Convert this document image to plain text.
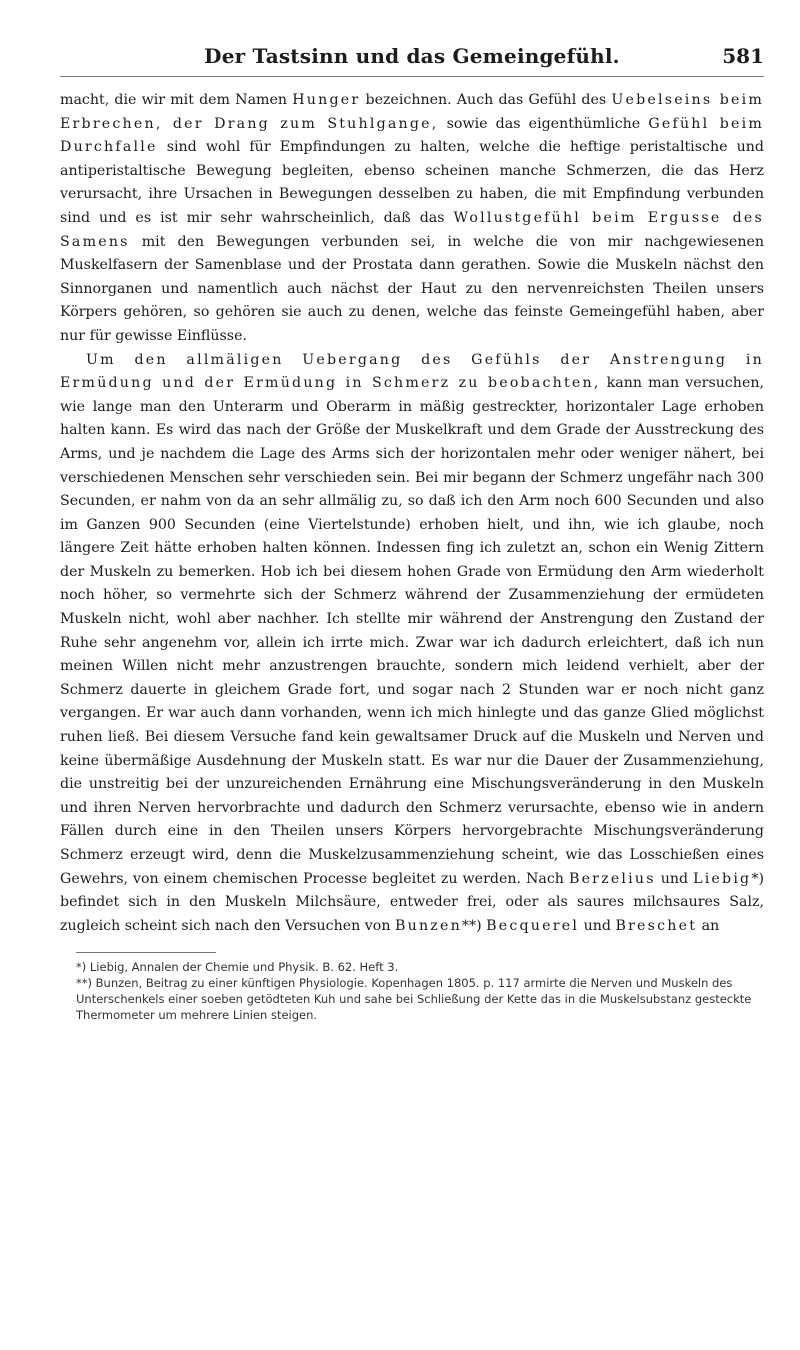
Der Tastsinn und das Gemeingefühl.	581

macht, die wir mit dem Namen Hunger bezeichnen. Auch das Gefühl des Uebelseins beim Erbrechen, der Drang zum Stuhlgange, sowie das eigenthümliche Gefühl beim Durchfalle sind wohl für Empfindungen zu halten, welche die heftige peristaltische und antiperistaltische Bewegung begleiten, ebenso scheinen manche Schmerzen, die das Herz verursacht, ihre Ursachen in Bewegungen desselben zu haben, die mit Empfindung verbunden sind und es ist mir sehr wahrscheinlich, daß das Wollustgefühl beim Ergusse des Samens mit den Bewegungen verbunden sei, in welche die von mir nachgewiesenen Muskelfasern der Samenblase und der Prostata dann gerathen. Sowie die Muskeln nächst den Sinnorganen und namentlich auch nächst der Haut zu den nervenreichsten Theilen unsers Körpers gehören, so gehören sie auch zu denen, welche das feinste Gemeingefühl haben, aber nur für gewisse Einflüsse.

Um den allmäligen Uebergang des Gefühls der Anstrengung in Ermüdung und der Ermüdung in Schmerz zu beobachten, kann man versuchen, wie lange man den Unterarm und Oberarm in mäßig gestreckter, horizontaler Lage erhoben halten kann. Es wird das nach der Größe der Muskelkraft und dem Grade der Ausstreckung des Arms, und je nachdem die Lage des Arms sich der horizontalen mehr oder weniger nähert, bei verschiedenen Menschen sehr verschieden sein. Bei mir begann der Schmerz ungefähr nach 300 Secunden, er nahm von da an sehr allmälig zu, so daß ich den Arm noch 600 Secunden und also im Ganzen 900 Secunden (eine Viertelstunde) erhoben hielt, und ihn, wie ich glaube, noch längere Zeit hätte erhoben halten können. Indessen fing ich zuletzt an, schon ein Wenig Zittern der Muskeln zu bemerken. Hob ich bei diesem hohen Grade von Ermüdung den Arm wiederholt noch höher, so vermehrte sich der Schmerz während der Zusammenziehung der ermüdeten Muskeln nicht, wohl aber nachher. Ich stellte mir während der Anstrengung den Zustand der Ruhe sehr angenehm vor, allein ich irrte mich. Zwar war ich dadurch erleichtert, daß ich nun meinen Willen nicht mehr anzustrengen brauchte, sondern mich leidend verhielt, aber der Schmerz dauerte in gleichem Grade fort, und sogar nach 2 Stunden war er noch nicht ganz vergangen. Er war auch dann vorhanden, wenn ich mich hinlegte und das ganze Glied möglichst ruhen ließ. Bei diesem Versuche fand kein gewaltsamer Druck auf die Muskeln und Nerven und keine übermäßige Ausdehnung der Muskeln statt. Es war nur die Dauer der Zusammenziehung, die unstreitig bei der unzureichenden Ernährung eine Mischungsveränderung in den Muskeln und ihren Nerven hervorbrachte und dadurch den Schmerz verursachte, ebenso wie in andern Fällen durch eine in den Theilen unsers Körpers hervorgebrachte Mischungsveränderung Schmerz erzeugt wird, denn die Muskelzusammenziehung scheint, wie das Losschießen eines Gewehrs, von einem chemischen Processe begleitet zu werden. Nach Berzelius und Liebig*) befindet sich in den Muskeln Milchsäure, entweder frei, oder als saures milchsaures Salz, zugleich scheint sich nach den Versuchen von Bunzen**) Becquerel und Breschet an

*) Liebig, Annalen der Chemie und Physik. B. 62. Heft 3.

**) Bunzen, Beitrag zu einer künftigen Physiologie. Kopenhagen 1805. p. 117 armirte die Nerven und Muskeln des Unterschenkels einer soeben getödteten Kuh und sahe bei Schließung der Kette das in die Muskelsubstanz gesteckte Thermometer um mehrere Linien steigen.
